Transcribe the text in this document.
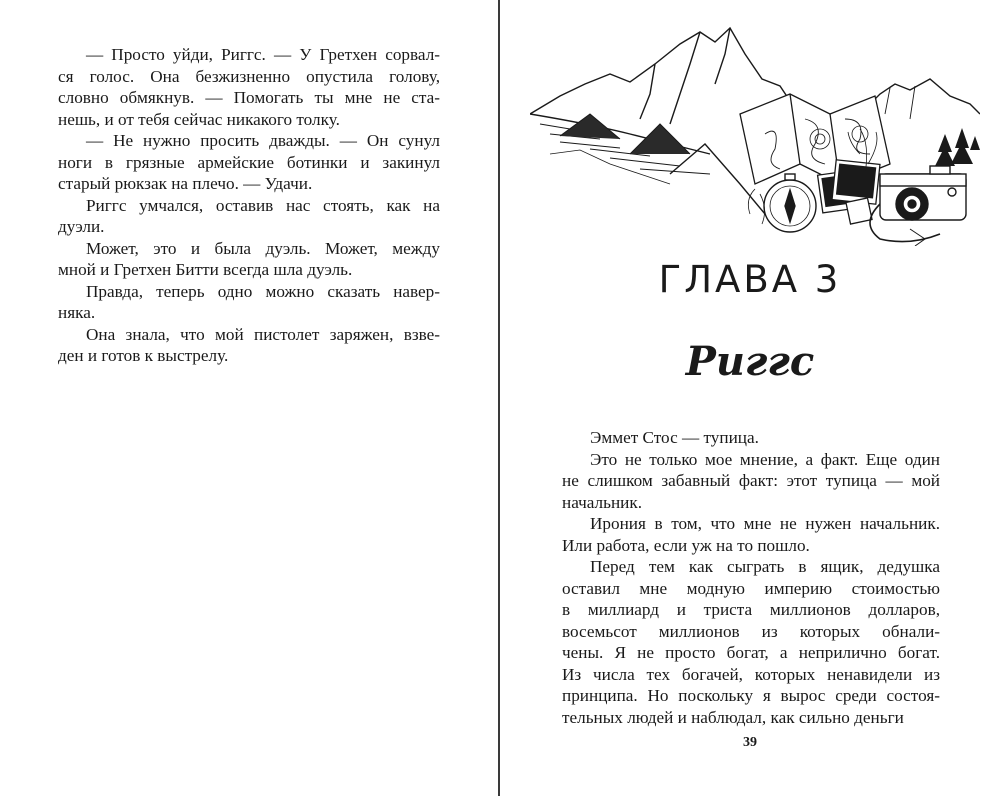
— Просто уйди, Риггс. — У Гретхен сорвал-
ся голос. Она безжизненно опустила голову,
словно обмякнув. — Помогать ты мне не ста-
нешь, и от тебя сейчас никакого толку.

— Не нужно просить дважды. — Он сунул
ноги в грязные армейские ботинки и закинул
старый рюкзак на плечо. — Удачи.

Риггс умчался, оставив нас стоять, как на
дуэли.

Может, это и была дуэль. Может, между
мной и Гретхен Битти всегда шла дуэль.

Правда, теперь одно можно сказать навер-
няка.

Она знала, что мой пистолет заряжен, взве-
ден и готов к выстрелу.

ГЛАВА 3
Риггс
39

Эммет Стос — тупица.

Это не только мое мнение, а факт. Еще один
не слишком забавный факт: этот тупица — мой
начальник.

Ирония в том, что мне не нужен начальник.
Или работа, если уж на то пошло.

Перед тем как сыграть в ящик, дедушка
оставил мне модную империю стоимостью
в миллиард и триста миллионов долларов,
восемьсот миллионов из которых обнали-
чены. Я не просто богат, а неприлично богат.
Из числа тех богачей, которых ненавидели из
принципа. Но поскольку я вырос среди состоя-
тельных людей и наблюдал, как сильно деньги
